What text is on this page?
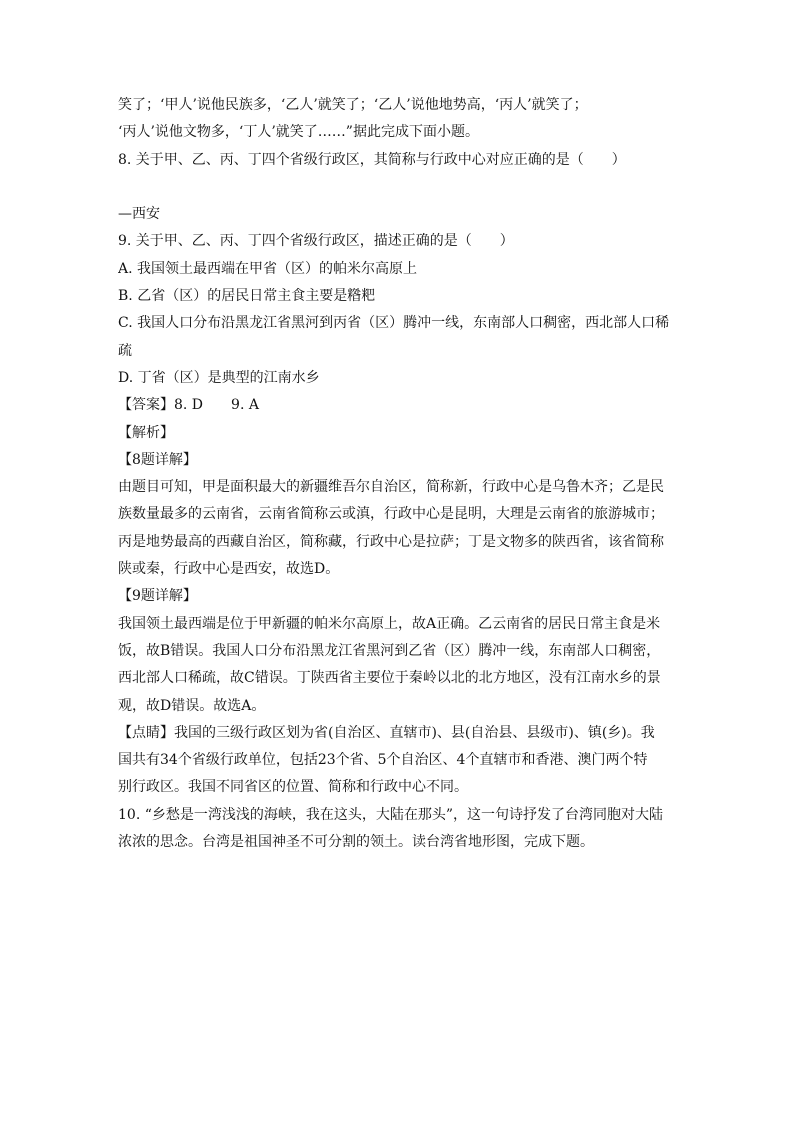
笑了；‘甲人’说他民族多，‘乙人’就笑了；‘乙人’说他地势高，‘丙人’就笑了；
‘丙人’说他文物多，‘丁人’就笑了……”据此完成下面小题。
8. 关于甲、乙、丙、丁四个省级行政区，其简称与行政中心对应正确的是（　　）

—西安
9. 关于甲、乙、丙、丁四个省级行政区，描述正确的是（　　）
A. 我国领土最西端在甲省（区）的帕米尔高原上
B. 乙省（区）的居民日常主食主要是糌粑
C. 我国人口分布沿黑龙江省黑河到丙省（区）腾冲一线，东南部人口稠密，西北部人口稀
疏
D. 丁省（区）是典型的江南水乡
【答案】8. D　　9. A
【解析】
【8题详解】
由题目可知，甲是面积最大的新疆维吾尔自治区，简称新，行政中心是乌鲁木齐；乙是民
族数量最多的云南省，云南省简称云或滇，行政中心是昆明，大理是云南省的旅游城市；
丙是地势最高的西藏自治区，简称藏，行政中心是拉萨；丁是文物多的陕西省，该省简称
陕或秦，行政中心是西安，故选D。
【9题详解】
我国领土最西端是位于甲新疆的帕米尔高原上，故A正确。乙云南省的居民日常主食是米
饭，故B错误。我国人口分布沿黑龙江省黑河到乙省（区）腾冲一线，东南部人口稠密，
西北部人口稀疏，故C错误。丁陕西省主要位于秦岭以北的北方地区，没有江南水乡的景
观，故D错误。故选A。
【点睛】我国的三级行政区划为省(自治区、直辖市)、县(自治县、县级市)、镇(乡)。我
国共有34个省级行政单位，包括23个省、5个自治区、4个直辖市和香港、澳门两个特
别行政区。我国不同省区的位置、简称和行政中心不同。
10. “乡愁是一湾浅浅的海峡，我在这头，大陆在那头”，这一句诗抒发了台湾同胞对大陆
浓浓的思念。台湾是祖国神圣不可分割的领土。读台湾省地形图，完成下题。
